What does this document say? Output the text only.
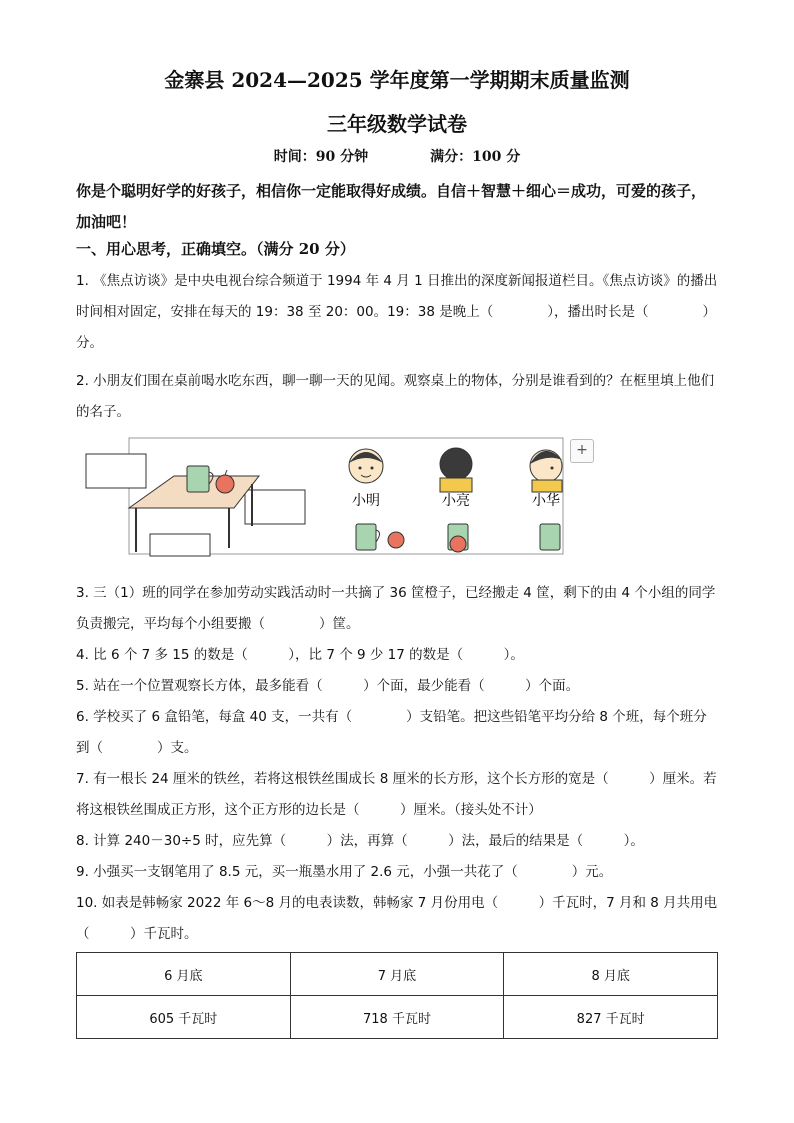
金寨县 2024—2025 学年度第一学期期末质量监测
三年级数学试卷
时间：90 分钟	满分：100 分
你是个聪明好学的好孩子，相信你一定能取得好成绩。自信＋智慧＋细心＝成功，可爱的孩子，加油吧！
一、用心思考，正确填空。（满分 20 分）

1. 《焦点访谈》是中央电视台综合频道于 1994 年 4 月 1 日推出的深度新闻报道栏目。《焦点访谈》的播出时间相对固定，安排在每天的 19：38 至 20：00。19：38 是晚上（　　　　），播出时长是（　　　　）分。

2. 小朋友们围在桌前喝水吃东西，聊一聊一天的见闻。观察桌上的物体，分别是谁看到的？在框里填上他们的名子。

小明	小亮	小华
+

3. 三（1）班的同学在参加劳动实践活动时一共摘了 36 筐橙子，已经搬走 4 筐，剩下的由 4 个小组的同学负责搬完，平均每个小组要搬（　　　　）筐。

4. 比 6 个 7 多 15 的数是（　　　），比 7 个 9 少 17 的数是（　　　）。

5. 站在一个位置观察长方体，最多能看（　　　）个面，最少能看（　　　）个面。

6. 学校买了 6 盒铅笔，每盒 40 支，一共有（　　　　）支铅笔。把这些铅笔平均分给 8 个班，每个班分到（　　　　）支。

7. 有一根长 24 厘米的铁丝，若将这根铁丝围成长 8 厘米的长方形，这个长方形的宽是（　　　）厘米。若将这根铁丝围成正方形，这个正方形的边长是（　　　）厘米。（接头处不计）

8. 计算 240－30÷5 时，应先算（　　　）法，再算（　　　）法，最后的结果是（　　　）。

9. 小强买一支钢笔用了 8.5 元，买一瓶墨水用了 2.6 元，小强一共花了（　　　　）元。

10. 如表是韩畅家 2022 年 6～8 月的电表读数，韩畅家 7 月份用电（　　　）千瓦时，7 月和 8 月共用电（　　　）千瓦时。

6 月底	7 月底	8 月底
605 千瓦时	718 千瓦时	827 千瓦时
